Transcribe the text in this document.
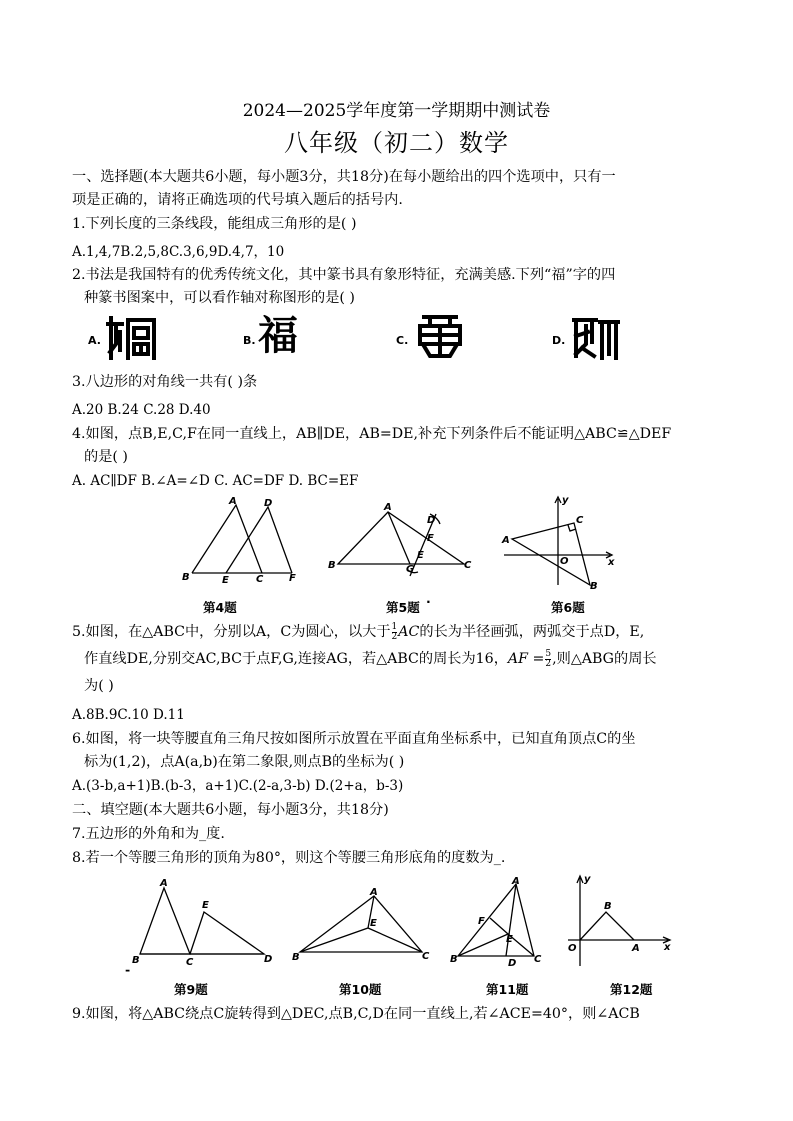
2024—2025学年度第一学期期中测试卷
八年级（初二）数学
一、选择题(本大题共6小题，每小题3分，共18分)在每小题给出的四个选项中，只有一
项是正确的，请将正确选项的代号填入题后的括号内.
1.下列长度的三条线段，能组成三角形的是( )
A.1,4,7B.2,5,8C.3,6,9D.4,7，10
2.书法是我国特有的优秀传统文化，其中篆书具有象形特征，充满美感.下列“福”字的四
种篆书图案中，可以看作轴对称图形的是( )
A.	B. 福	C.	D.
3.八边形的对角线一共有( )条
A.20 B.24 C.28 D.40
4.如图，点B,E,C,F在同一直线上，AB∥DE，AB=DE,补充下列条件后不能证明△ABC≌△DEF
的是( )
A. AC∥DF B.∠A=∠D C. AC=DF D. BC=EF
A	D
B	E	C	F
第4题
A
D
F
E
B	G	C
第5题 ·
y
A
C
O	x
B
第6题
5.如图，在△ABC中，分别以A，C为圆心，以大于 $\frac{1}{2}$ AC的长为半径画弧，两弧交于点D，E,
作直线DE,分别交AC,BC于点F,G,连接AG，若△ABC的周长为16，AF = $\frac{5}{2}$ ,则△ABG的周长
为( )
A.8B.9C.10 D.11
6.如图，将一块等腰直角三角尺按如图所示放置在平面直角坐标系中，已知直角顶点C的坐
标为(1,2)，点A(a,b)在第二象限,则点B的坐标为( )
A.(3-b,a+1)B.(b-3，a+1)C.(2-a,3-b) D.(2+a，b-3)
二、填空题(本大题共6小题，每小题3分，共18分)
7.五边形的外角和为_度.
8.若一个等腰三角形的顶角为80°，则这个等腰三角形底角的度数为_.
A
E
B	C	D
第9题
-
A
E
B	C
第10题
A
F
E
B	D C
第11题
y
B
O	A x
第12题
9.如图，将△ABC绕点C旋转得到△DEC,点B,C,D在同一直线上,若∠ACE=40°，则∠ACB
